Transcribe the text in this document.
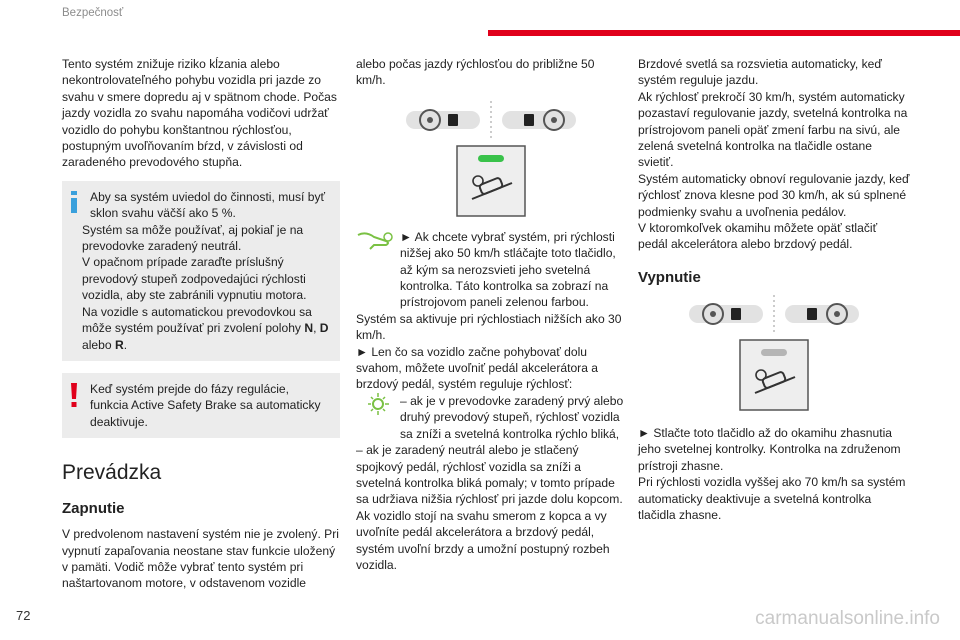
Bezpečnosť

Tento systém znižuje riziko kĺzania alebo nekontrolovateľného pohybu vozidla pri jazde zo svahu v smere dopredu aj v spätnom chode. Počas jazdy vozidla zo svahu napomáha vodičovi udržať vozidlo do pohybu konštantnou rýchlosťou, postupným uvoľňovaním bŕzd, v závislosti od zaradeného prevodového stupňa.

Aby sa systém uviedol do činnosti, musí byť sklon svahu väčší ako 5 %.

Systém sa môže používať, aj pokiaľ je na prevodovke zaradený neutrál.

V opačnom prípade zaraďte príslušný prevodový stupeň zodpovedajúci rýchlosti vozidla, aby ste zabránili vypnutiu motora.

Na vozidle s automatickou prevodovkou sa môže systém používať pri zvolení polohy N, D alebo R.

Keď systém prejde do fázy regulácie, funkcia Active Safety Brake sa automaticky deaktivuje.

Prevádzka
Zapnutie

V predvolenom nastavení systém nie je zvolený. Pri vypnutí zapaľovania neostane stav funkcie uložený v pamäti. Vodič môže vybrať tento systém pri naštartovanom motore, v odstavenom vozidle

alebo počas jazdy rýchlosťou do približne 50 km/h.

► Ak chcete vybrať systém, pri rýchlosti nižšej ako 50 km/h stláčajte toto tlačidlo, až kým sa nerozsvieti jeho svetelná kontrolka. Táto kontrolka sa zobrazí na prístrojovom paneli zelenou farbou.

Systém sa aktivuje pri rýchlostiach nižších ako 30 km/h.

► Len čo sa vozidlo začne pohybovať dolu svahom, môžete uvoľniť pedál akcelerátora a brzdový pedál, systém reguluje rýchlosť:

– ak je v prevodovke zaradený prvý alebo druhý prevodový stupeň, rýchlosť vozidla sa zníži a svetelná kontrolka rýchlo bliká,

– ak je zaradený neutrál alebo je stlačený spojkový pedál, rýchlosť vozidla sa zníži a svetelná kontrolka bliká pomaly; v tomto prípade sa udržiava nižšia rýchlosť pri jazde dolu kopcom.

Ak vozidlo stojí na svahu smerom z kopca a vy uvoľníte pedál akcelerátora a brzdový pedál, systém uvoľní brzdy a umožní postupný rozbeh vozidla.

Brzdové svetlá sa rozsvietia automaticky, keď systém reguluje jazdu.

Ak rýchlosť prekročí 30 km/h, systém automaticky pozastaví regulovanie jazdy, svetelná kontrolka na prístrojovom paneli opäť zmení farbu na sivú, ale zelená svetelná kontrolka na tlačidle ostane svietiť.

Systém automaticky obnoví regulovanie jazdy, keď rýchlosť znova klesne pod 30 km/h, ak sú splnené podmienky svahu a uvoľnenia pedálov.

V ktoromkoľvek okamihu môžete opäť stlačiť pedál akcelerátora alebo brzdový pedál.

Vypnutie

► Stlačte toto tlačidlo až do okamihu zhasnutia jeho svetelnej kontrolky. Kontrolka na združenom prístroji zhasne.

Pri rýchlosti vozidla vyššej ako 70 km/h sa systém automaticky deaktivuje a svetelná kontrolka tlačidla zhasne.

72	carmanualsonline.info
